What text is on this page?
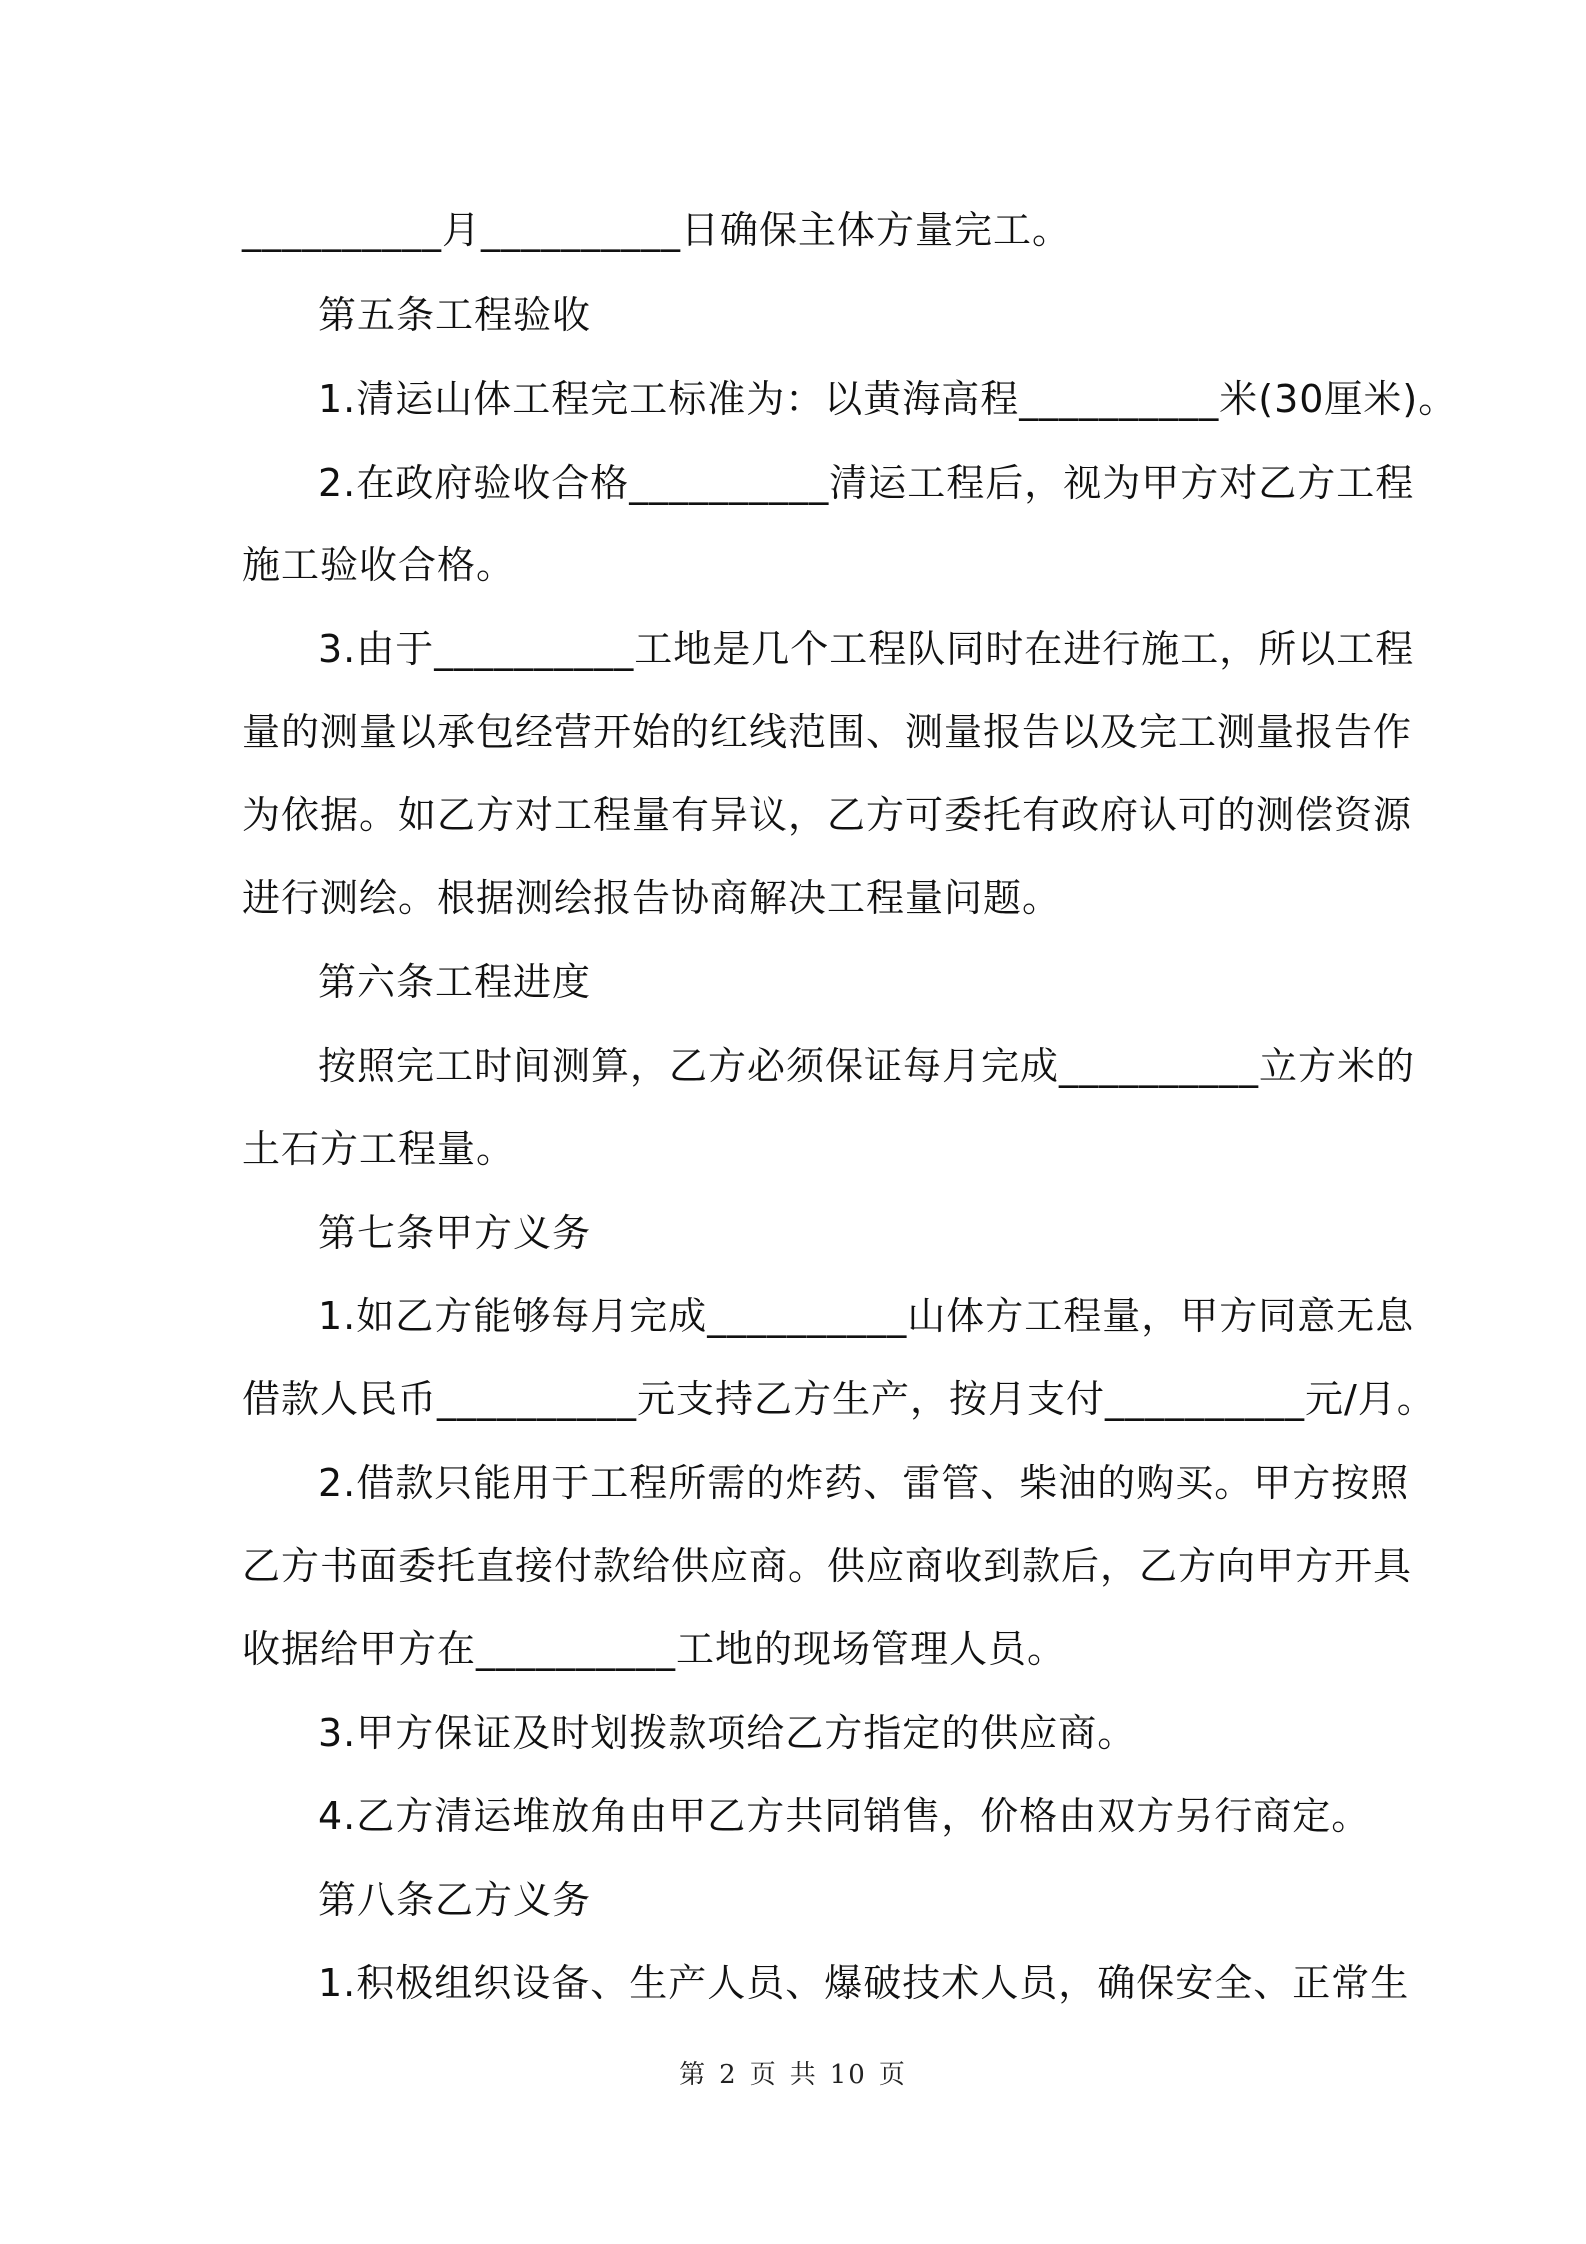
__________月__________日确保主体方量完工。
第五条工程验收
1.清运山体工程完工标准为：以黄海高程__________米(30厘米)。
2.在政府验收合格__________清运工程后，视为甲方对乙方工程
施工验收合格。
3.由于__________工地是几个工程队同时在进行施工，所以工程
量的测量以承包经营开始的红线范围、测量报告以及完工测量报告作
为依据。如乙方对工程量有异议，乙方可委托有政府认可的测偿资源
进行测绘。根据测绘报告协商解决工程量问题。
第六条工程进度
按照完工时间测算，乙方必须保证每月完成__________立方米的
土石方工程量。
第七条甲方义务
1.如乙方能够每月完成__________山体方工程量，甲方同意无息
借款人民币__________元支持乙方生产，按月支付__________元/月。
2.借款只能用于工程所需的炸药、雷管、柴油的购买。甲方按照
乙方书面委托直接付款给供应商。供应商收到款后，乙方向甲方开具
收据给甲方在__________工地的现场管理人员。
3.甲方保证及时划拨款项给乙方指定的供应商。
4.乙方清运堆放角由甲乙方共同销售，价格由双方另行商定。
第八条乙方义务
1.积极组织设备、生产人员、爆破技术人员，确保安全、正常生
第 2 页 共 10 页
